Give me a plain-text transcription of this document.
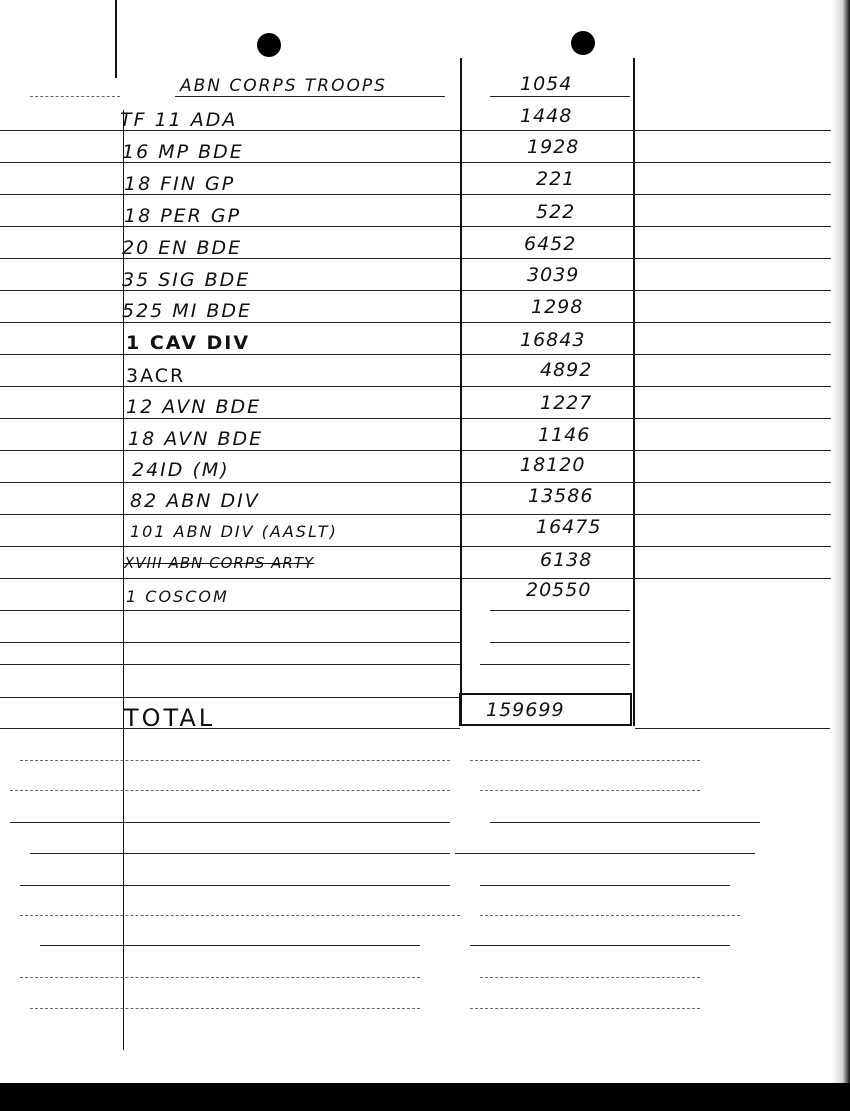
ABN CORPS TROOPS	1054
TF 11 ADA	1448
16 MP BDE	1928
18 FIN GP	221
18 PER GP	522
20 EN BDE	6452
35 SIG BDE	3039
525 MI BDE	1298
1 CAV DIV	16843
3ACR	4892
12 AVN BDE	1227
18 AVN BDE	1146
24ID (M)	18120
82 ABN DIV	13586
101 ABN DIV (AASLT)	16475
XVIII ABN CORPS ARTY	6138
1 COSCOM	20550
TOTAL	159699
